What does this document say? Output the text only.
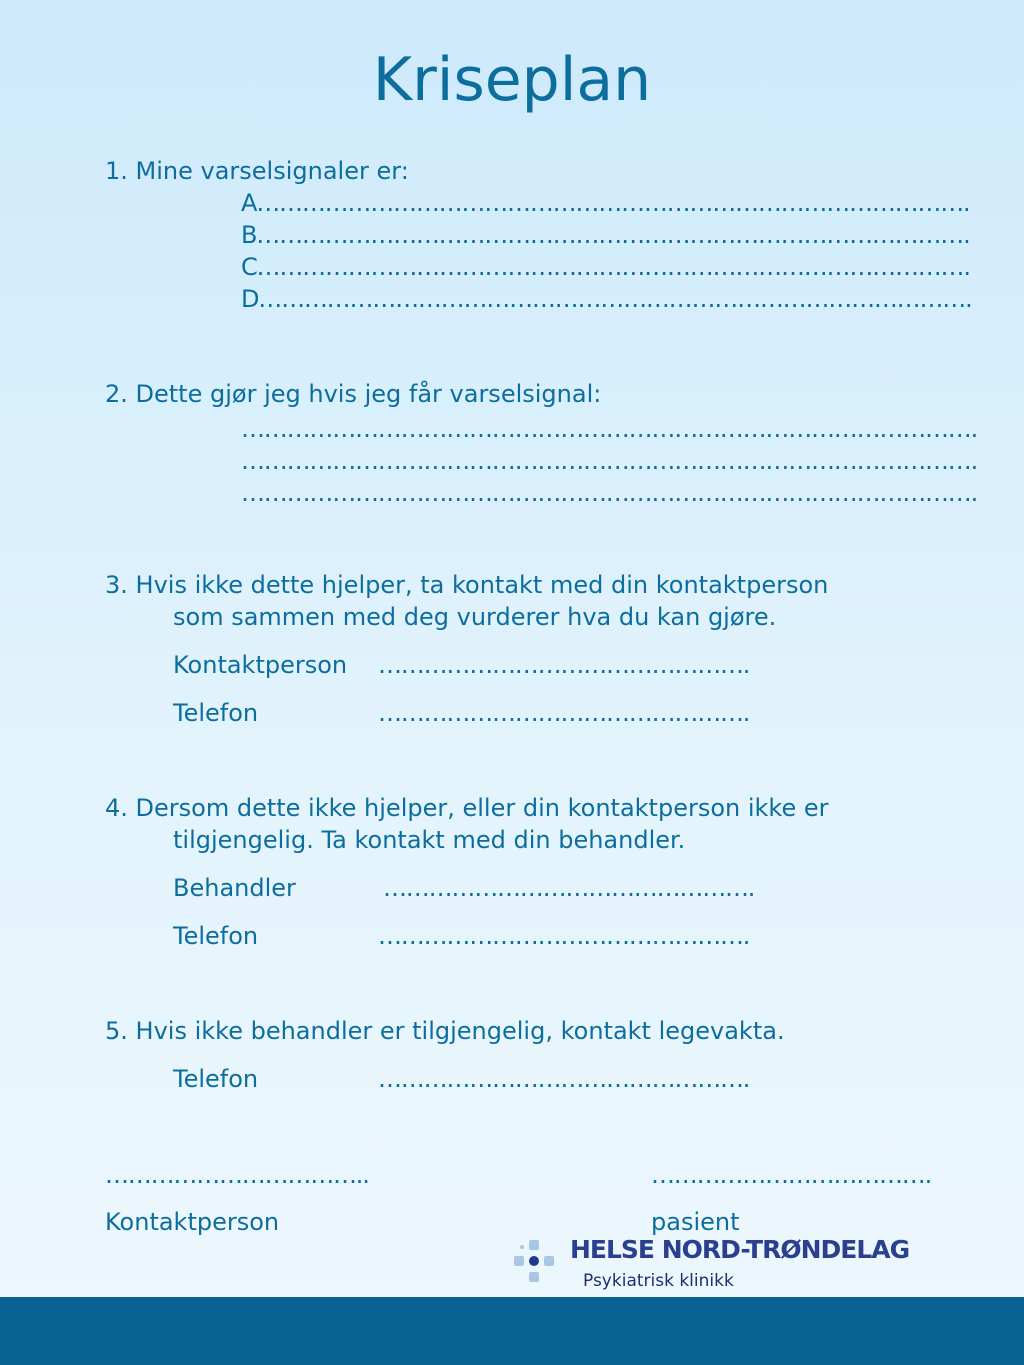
Kriseplan
1. Mine varselsignaler er:
A………………………………………………………………………………….
B………………………………………………………………………………….
C………………………………………………………………………………….
D………………………………………………………………………………….
2. Dette gjør jeg hvis jeg får varselsignal:
…………………………………………………………………………………….
…………………………………………………………………………………….
…………………………………………………………………………………….
3. Hvis ikke dette hjelper, ta kontakt med din kontaktperson
som sammen med deg vurderer hva du kan gjøre.
Kontaktperson ………………………………………….
Telefon	………………………………………….
4. Dersom dette ikke hjelper, eller din kontaktperson ikke er
tilgjengelig. Ta kontakt med din behandler.
Behandler	………………………………………….
Telefon	………………………………………….
5. Hvis ikke behandler er tilgjengelig, kontakt legevakta.
Telefon	………………………………………….
……………………………..
Kontaktperson
……………………………….
pasient
HELSE NORD-TRØNDELAG
Psykiatrisk klinikk
